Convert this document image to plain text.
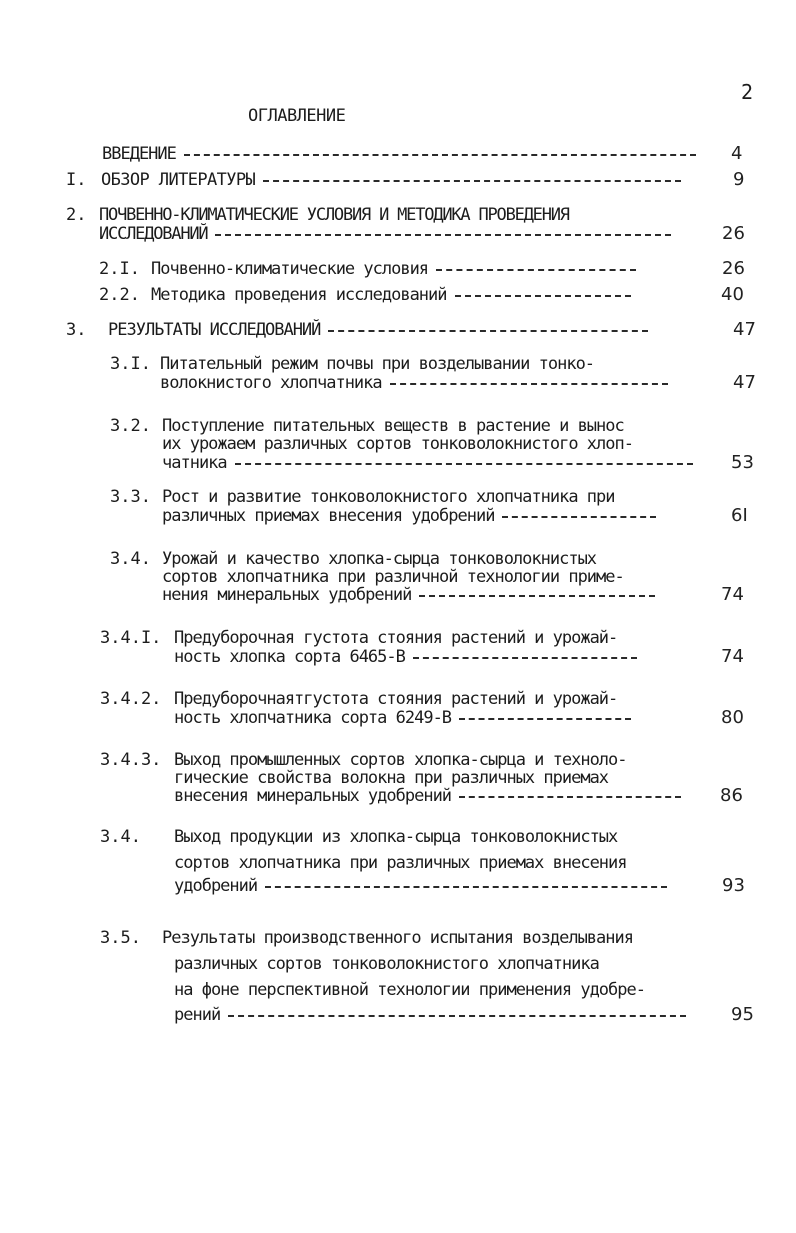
2
ОГЛАВЛЕНИЕ
ВВЕДЕНИЕ	4
I. ОБЗОР ЛИТЕРАТУРЫ	9
2. ПОЧВЕННО-КЛИМАТИЧЕСКИЕ УСЛОВИЯ И МЕТОДИКА ПРОВЕДЕНИЯ
ИССЛЕДОВАНИЙ	26
2.I. Почвенно-климатические условия	26
2.2. Методика проведения исследований	40
3.	РЕЗУЛЬТАТЫ ИССЛЕДОВАНИЙ	47
3.I. Питательный режим почвы при возделывании тонко-
волокнистого хлопчатника	47
3.2. Поступление питательных веществ в растение и вынос
их урожаем различных сортов тонковолокнистого хлоп-
чатника	53
3.3. Рост и развитие тонковолокнистого хлопчатника при
различных приемах внесения удобрений	6I
3.4. Урожай и качество хлопка-сырца тонковолокнистых
сортов хлопчатника при различной технологии приме-
нения минеральных удобрений	74
3.4.I. Предуборочная густота стояния растений и урожай-
ность хлопка сорта 6465-В	74
3.4.2. Предуборочнаятгустота стояния растений и урожай-
ность хлопчатника сорта 6249-В	80
3.4.3. Выход промышленных сортов хлопка-сырца и техноло-
гические свойства волокна при различных приемах
внесения минеральных удобрений	86
3.4.	Выход продукции из хлопка-сырца тонковолокнистых
сортов хлопчатника при различных приемах внесения
удобрений	93
3.5.	Результаты производственного испытания возделывания
различных сортов тонковолокнистого хлопчатника
на фоне перспективной технологии применения удобре-
рений	95
